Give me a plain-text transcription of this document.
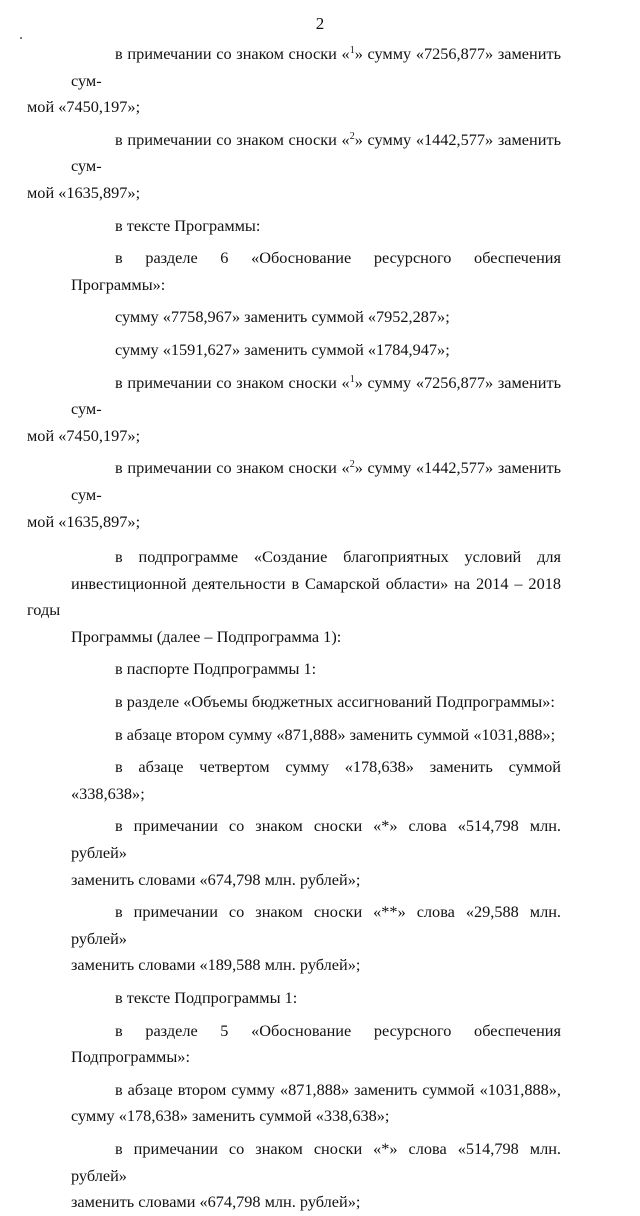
2

в примечании со знаком сноски «$^1$» сумму «7256,877» заменить сум-
мой «7450,197»;

в примечании со знаком сноски «$^2$» сумму «1442,577» заменить сум-
мой «1635,897»;

в тексте Программы:

в разделе 6 «Обоснование ресурсного обеспечения Программы»:

сумму «7758,967» заменить суммой «7952,287»;

сумму «1591,627» заменить суммой «1784,947»;

в примечании со знаком сноски «$^1$» сумму «7256,877» заменить сум-
мой «7450,197»;

в примечании со знаком сноски «$^2$» сумму «1442,577» заменить сум-
мой «1635,897»;

в подпрограмме «Создание благоприятных условий для
инвестиционной деятельности в Самарской области» на 2014 – 2018 годы
Программы (далее – Подпрограмма 1):

в паспорте Подпрограммы 1:

в разделе «Объемы бюджетных ассигнований Подпрограммы»:

в абзаце втором сумму «871,888» заменить суммой «1031,888»;

в абзаце четвертом сумму «178,638» заменить суммой «338,638»;

в примечании со знаком сноски «*» слова «514,798 млн. рублей»
заменить словами «674,798 млн. рублей»;

в примечании со знаком сноски «**» слова «29,588 млн. рублей»
заменить словами «189,588 млн. рублей»;

в тексте Подпрограммы 1:

в разделе 5 «Обоснование ресурсного обеспечения Подпрограммы»:

в абзаце втором сумму «871,888» заменить суммой «1031,888»,
сумму «178,638» заменить суммой «338,638»;

в примечании со знаком сноски «*» слова «514,798 млн. рублей»
заменить словами «674,798 млн. рублей»;
